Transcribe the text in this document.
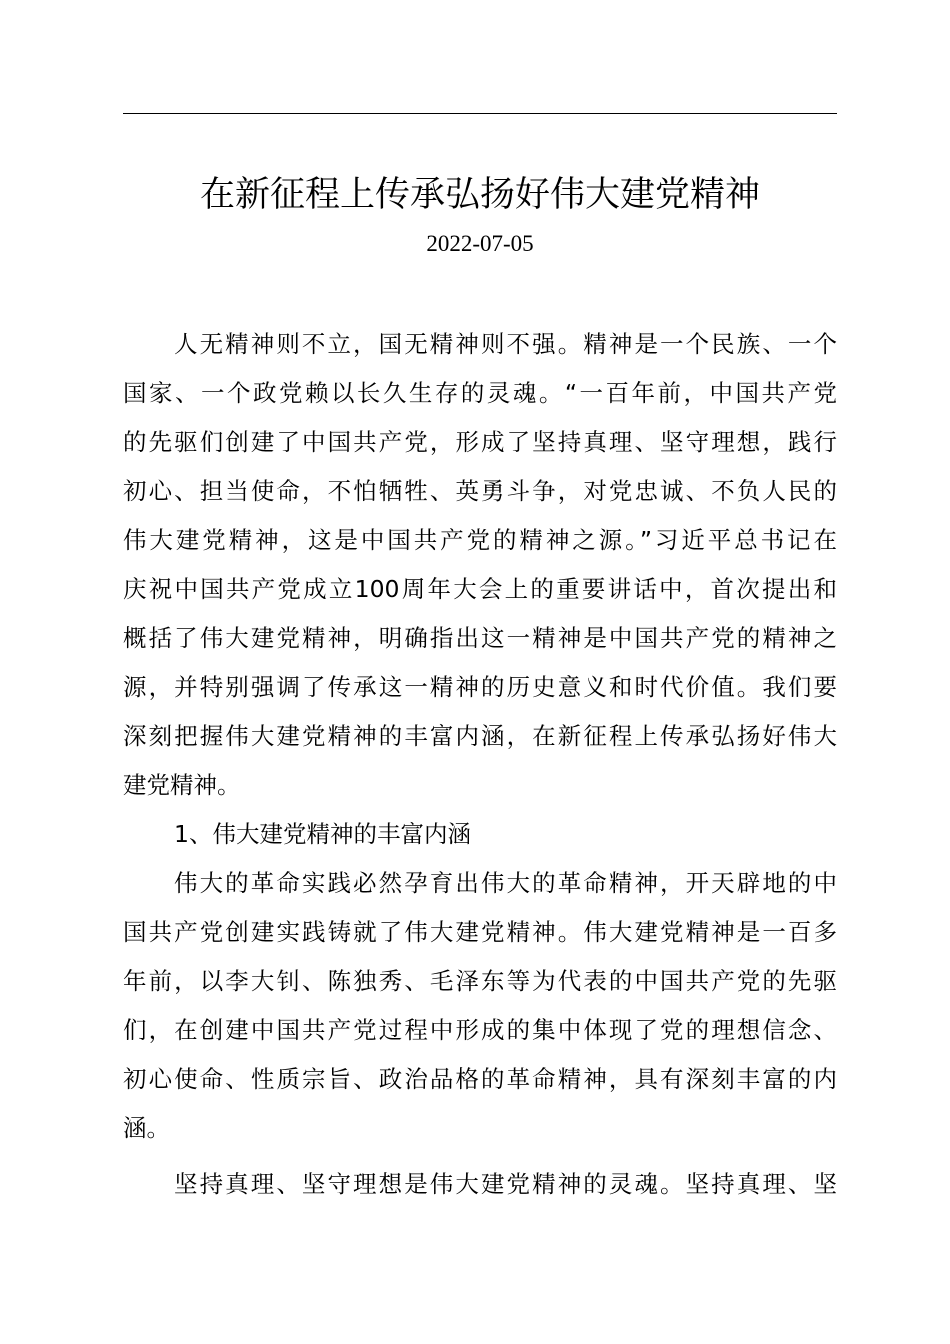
在新征程上传承弘扬好伟大建党精神
2022-07-05
人无精神则不立，国无精神则不强。精神是一个民族、一个
国家、一个政党赖以长久生存的灵魂。“一百年前，中国共产党
的先驱们创建了中国共产党，形成了坚持真理、坚守理想，践行
初心、担当使命，不怕牺牲、英勇斗争，对党忠诚、不负人民的
伟大建党精神，这是中国共产党的精神之源。”习近平总书记在
庆祝中国共产党成立100周年大会上的重要讲话中，首次提出和
概括了伟大建党精神，明确指出这一精神是中国共产党的精神之
源，并特别强调了传承这一精神的历史意义和时代价值。我们要
深刻把握伟大建党精神的丰富内涵，在新征程上传承弘扬好伟大
建党精神。
1、伟大建党精神的丰富内涵
伟大的革命实践必然孕育出伟大的革命精神，开天辟地的中
国共产党创建实践铸就了伟大建党精神。伟大建党精神是一百多
年前，以李大钊、陈独秀、毛泽东等为代表的中国共产党的先驱
们，在创建中国共产党过程中形成的集中体现了党的理想信念、
初心使命、性质宗旨、政治品格的革命精神，具有深刻丰富的内
涵。
坚持真理、坚守理想是伟大建党精神的灵魂。坚持真理、坚
